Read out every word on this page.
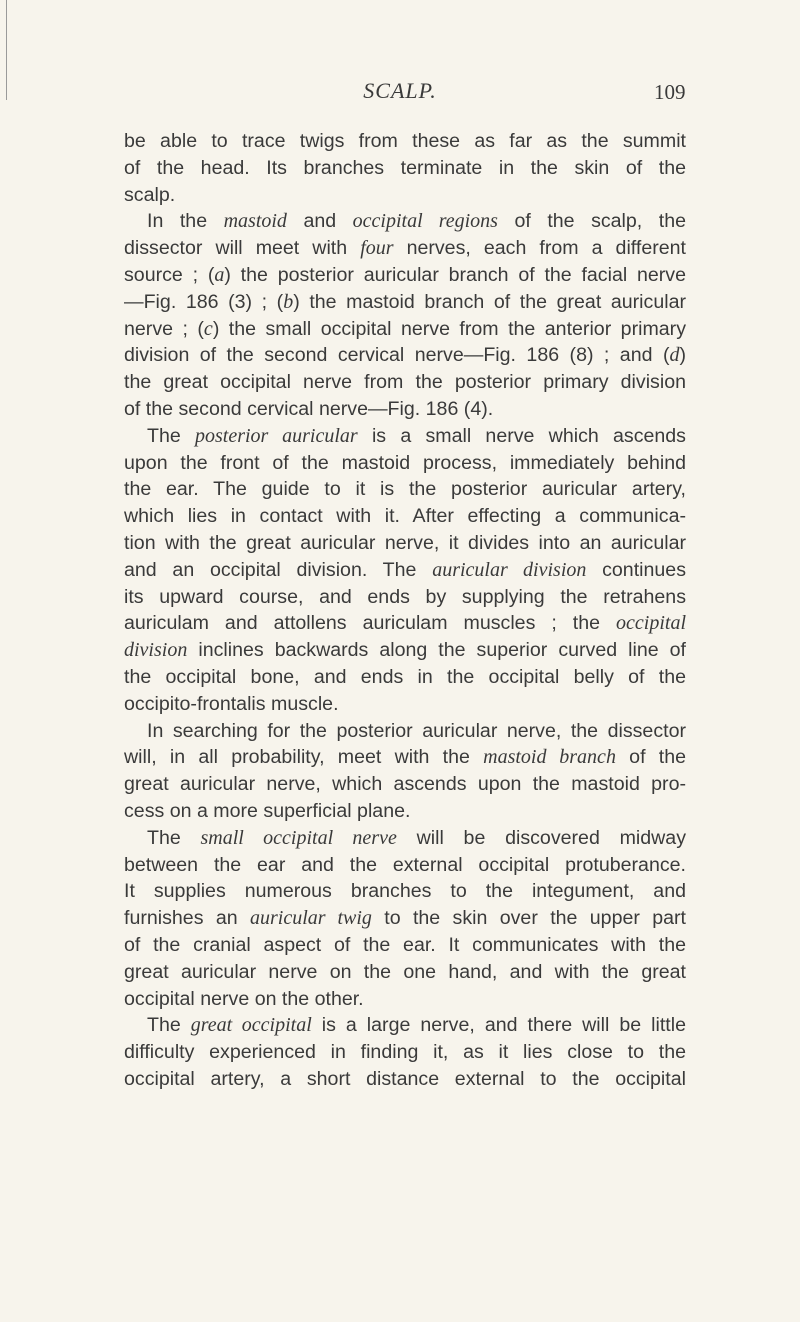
SCALP.	109
be able to trace twigs from these as far as the summit
of the head. Its branches terminate in the skin of the
scalp.
In the mastoid and occipital regions of the scalp, the
dissector will meet with four nerves, each from a different
source ; (a) the posterior auricular branch of the facial nerve
—Fig. 186 (3) ; (b) the mastoid branch of the great auricular
nerve ; (c) the small occipital nerve from the anterior primary
division of the second cervical nerve—Fig. 186 (8) ; and (d)
the great occipital nerve from the posterior primary division
of the second cervical nerve—Fig. 186 (4).
The posterior auricular is a small nerve which ascends
upon the front of the mastoid process, immediately behind
the ear. The guide to it is the posterior auricular artery,
which lies in contact with it. After effecting a communica-
tion with the great auricular nerve, it divides into an auricular
and an occipital division. The auricular division continues
its upward course, and ends by supplying the retrahens
auriculam and attollens auriculam muscles ; the occipital
division inclines backwards along the superior curved line of
the occipital bone, and ends in the occipital belly of the
occipito-frontalis muscle.
In searching for the posterior auricular nerve, the dissector
will, in all probability, meet with the mastoid branch of the
great auricular nerve, which ascends upon the mastoid pro-
cess on a more superficial plane.
The small occipital nerve will be discovered midway
between the ear and the external occipital protuberance.
It supplies numerous branches to the integument, and
furnishes an auricular twig to the skin over the upper part
of the cranial aspect of the ear. It communicates with the
great auricular nerve on the one hand, and with the great
occipital nerve on the other.
The great occipital is a large nerve, and there will be little
difficulty experienced in finding it, as it lies close to the
occipital artery, a short distance external to the occipital
